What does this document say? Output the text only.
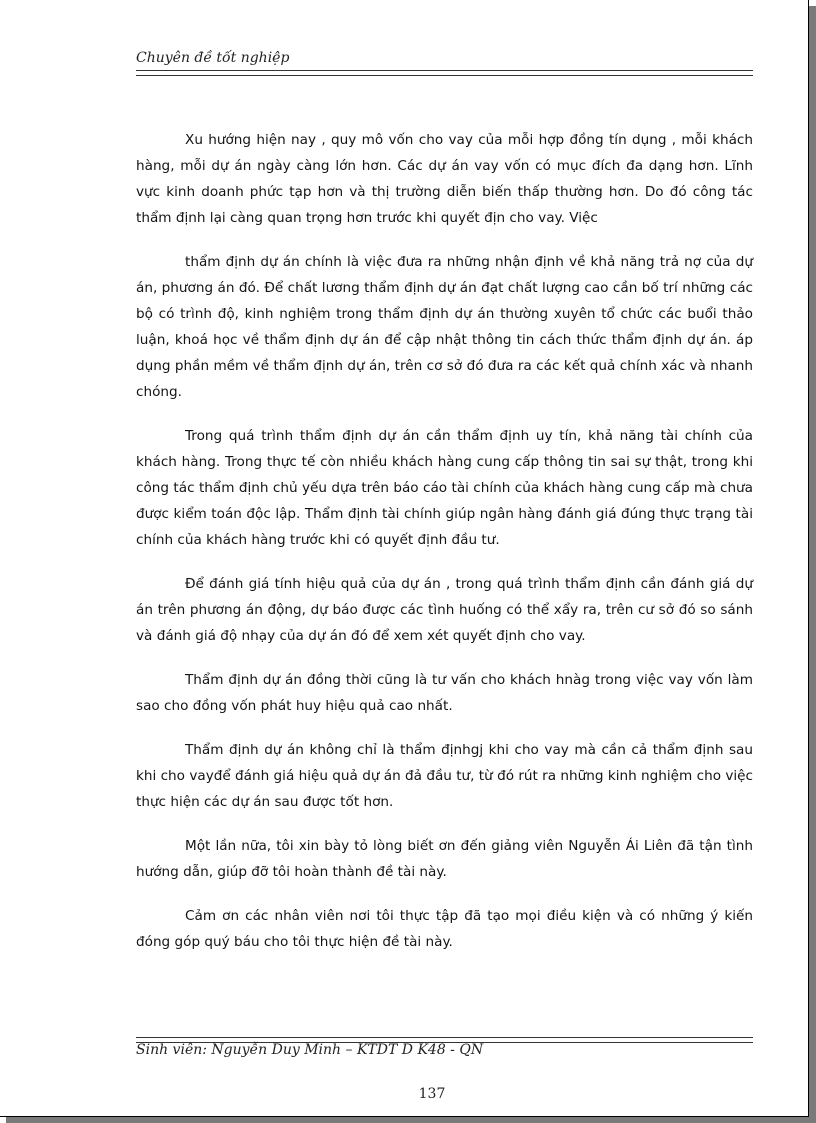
Chuyên đề tốt nghiệp

Xu hướng hiện nay , quy mô vốn cho vay của mỗi hợp đồng tín dụng , mỗi khách hàng, mỗi dự án ngày càng lớn hơn. Các dự án vay vốn có mục đích đa dạng hơn. Lĩnh vực kinh doanh phức tạp hơn và thị trường diễn biến thấp thường hơn. Do đó công tác thẩm định lại càng quan trọng hơn trước khi quyết địn cho vay. Việc

thẩm định dự án chính là việc đưa ra những nhận định về khả năng trả nợ của dự án, phương án đó. Để chất lương thẩm định dự án đạt chất lượng cao cần bố trí những các bộ có trình độ, kinh nghiệm trong thẩm định dự án thường xuyên tổ chức các buổi thảo luận, khoá học về thẩm định dự án để cập nhật thông tin cách thức thẩm định dự án. áp dụng phần mềm về thẩm định dự án, trên cơ sở đó đưa ra các kết quả chính xác và nhanh chóng.

Trong quá trình thẩm định dự án cần thẩm định uy tín, khả năng tài chính của khách hàng. Trong thực tế còn nhiều khách hàng cung cấp thông tin sai sự thật, trong khi công tác thẩm định chủ yếu dựa trên báo cáo tài chính của khách hàng cung cấp mà chưa được kiểm toán độc lập. Thẩm định tài chính giúp ngân hàng đánh giá đúng thực trạng tài chính của khách hàng trước khi có quyết định đầu tư.

Để đánh giá tính hiệu quả của dự án , trong quá trình thẩm định cần đánh giá dự án trên phương án động, dự báo được các tình huống có thể xẩy ra, trên cư sở đó so sánh và đánh giá độ nhạy của dự án đó để xem xét quyết định cho vay.

Thẩm định dự án đồng thời cũng là tư vấn cho khách hnàg trong việc vay vốn làm sao cho đồng vốn phát huy hiệu quả cao nhất.

Thẩm định dự án không chỉ là thẩm địnhgj khi cho vay mà cần cả thẩm định sau khi cho vayđể đánh giá hiệu quả dự án đả đầu tư, từ đó rút ra những kinh nghiệm cho việc thực hiện các dự án sau được tốt hơn.

Một lần nữa, tôi xin bày tỏ lòng biết ơn đến giảng viên Nguyễn Ái Liên đã tận tình hướng dẫn, giúp đỡ tôi hoàn thành đề tài này.

Cảm ơn các nhân viên nơi tôi thực tập đã tạo mọi điều kiện và có những ý kiến đóng góp quý báu cho tôi thực hiện đề tài này.

Sinh viên: Nguyễn Duy Minh – KTDT D K48 - QN
137
